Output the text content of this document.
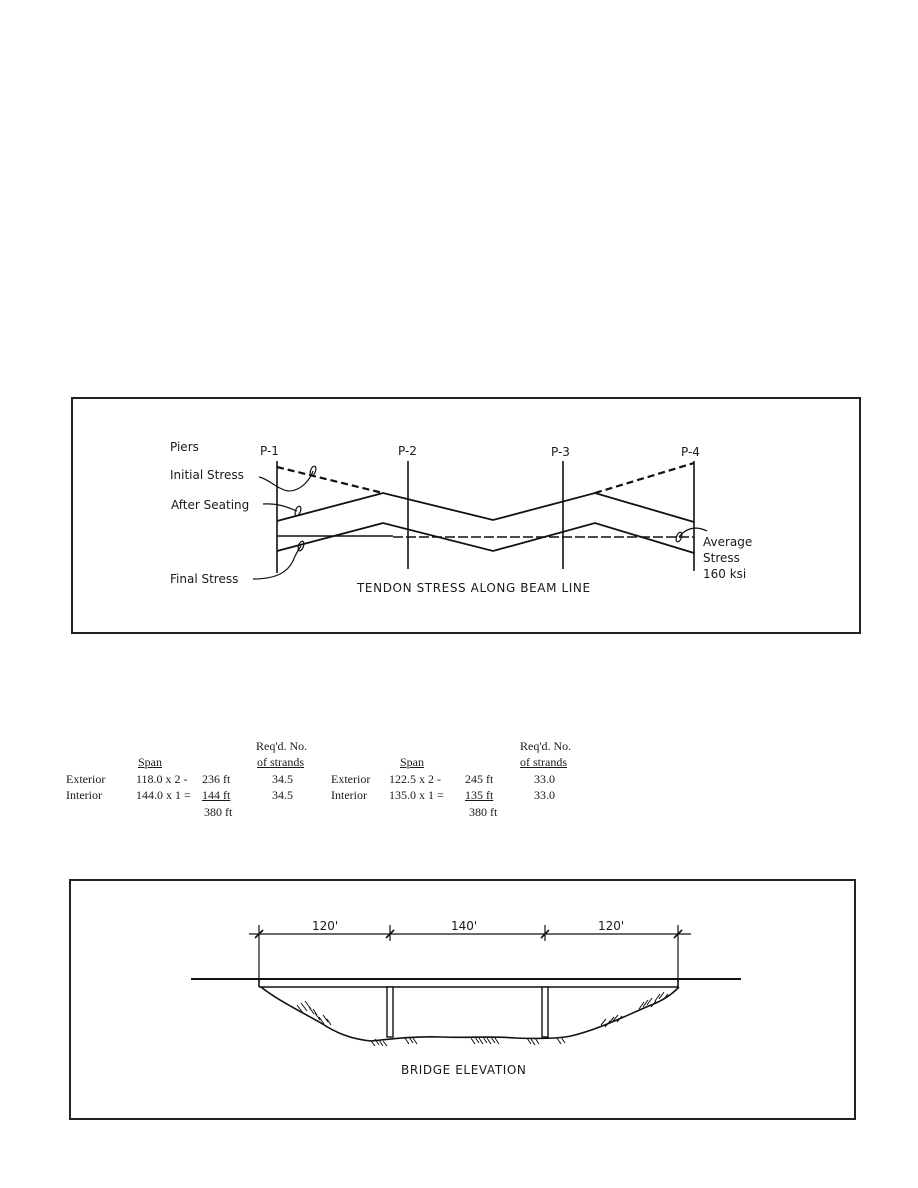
Piers	P-1	P-2	P-3	P-4
Initial Stress
After Seating
Final Stress
Average
Stress
160 ksi
TENDON STRESS ALONG BEAM LINE
Req'd. No.
Span	of strands
Exterior	118.0 x 2 - 236 ft	34.5
Interior	144.0 x 1 = 144 ft	34.5
380 ft
Req'd. No.
Span	of strands
Exterior 122.5 x 2 - 245 ft	33.0
Interior 135.0 x 1 = 135 ft	33.0
380 ft
120'	140'	120'
BRIDGE ELEVATION
